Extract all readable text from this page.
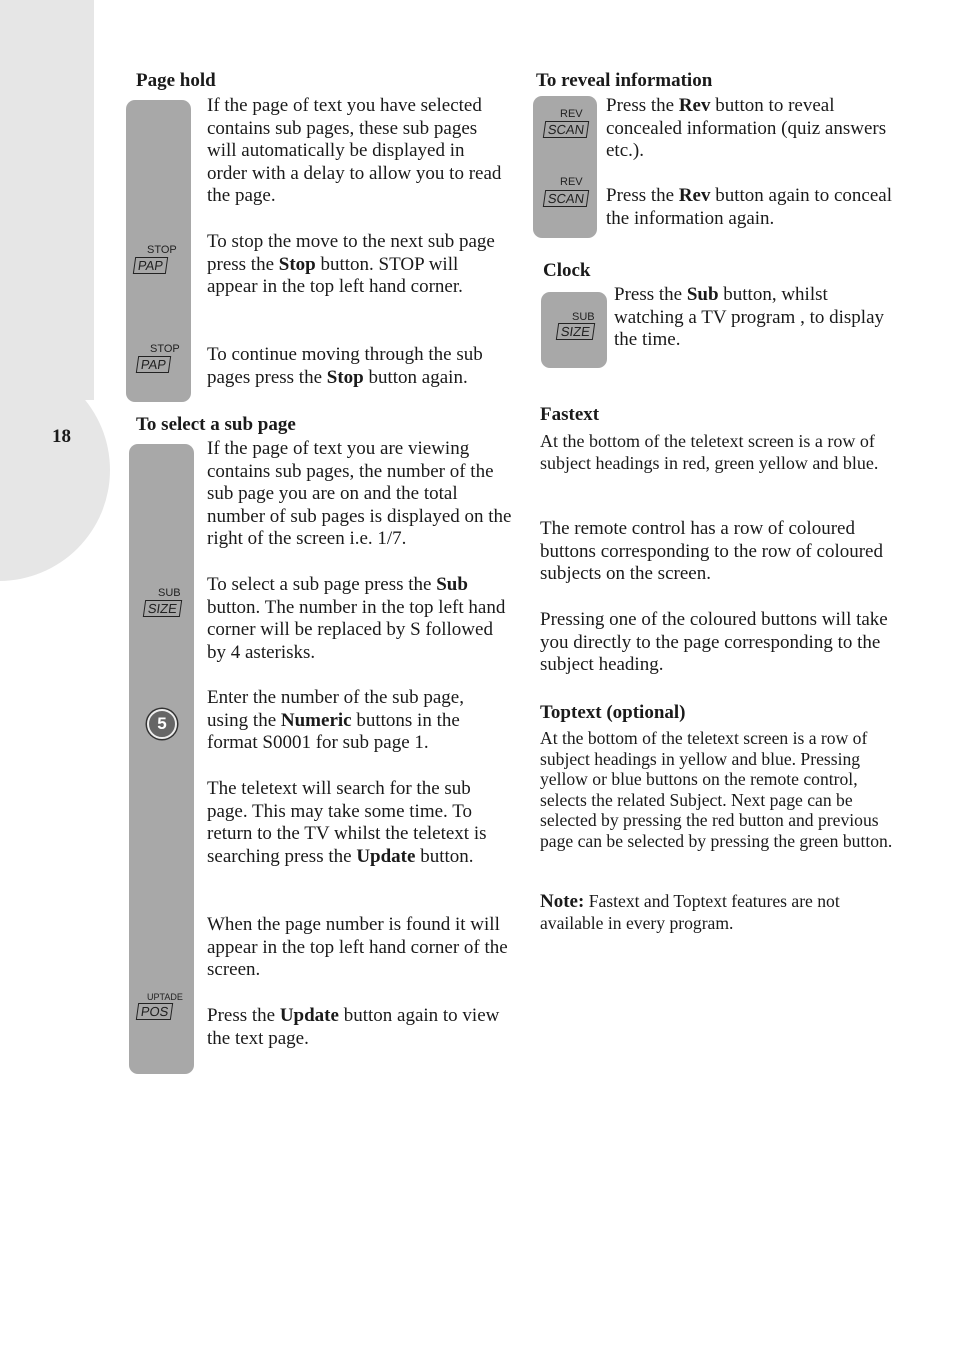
18
Page hold
STOP
PAP
STOP
PAP

If the page of text you have selected contains sub pages, these sub pages will automatically be displayed in order with a delay to allow you to read the page.

To stop the move to the next sub page press the Stop button. STOP will appear in the top left hand corner.

To continue moving through the sub pages press the Stop button again.

To select a sub page
SUB
SIZE
5
UPTADE
POS

If the page of text you are viewing contains sub pages, the number of the sub page you are on and the total number of sub pages is displayed on the right of the screen i.e. 1/7.

To select a sub page press the Sub button. The number in the top left hand corner will be replaced by S followed by 4 asterisks.

Enter the number of the sub page, using the Numeric buttons in the format S0001 for sub page 1.

The teletext will search for the sub page. This may take some time. To return to the TV whilst the teletext is searching press the Update button.

When the page number is found it will appear in the top left hand corner of the screen.

Press the Update button again to view the text page.

To reveal information
REV
SCAN
REV
SCAN

Press the Rev button to reveal concealed information (quiz answers etc.).

Press the Rev button again to conceal the information again.

Clock
SUB
SIZE

Press the Sub button, whilst watching a TV program , to display the time.

Fastext

At the bottom of the teletext screen is a row of subject headings in red, green yellow and blue.

The remote control has a row of coloured buttons corresponding to the row of coloured subjects on the screen.

Pressing one of the coloured buttons will take you directly to the page corresponding to the subject heading.

Toptext (optional)

At the bottom of the teletext screen is a row of subject headings in yellow and blue. Pressing yellow or blue buttons on the remote control, selects the related Subject. Next page can be selected by pressing the red button and previous page can be selected by pressing the green button.

Note: Fastext and Toptext features are not available in every program.
